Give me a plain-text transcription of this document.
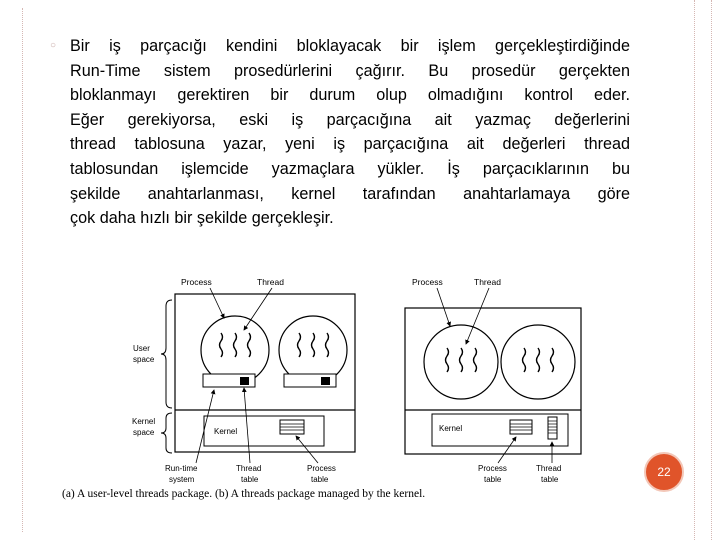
○ Bir iş parçacığı kendini bloklayacak bir işlem gerçekleştirdiğinde
Run-Time sistem prosedürlerini çağırır. Bu prosedür gerçekten
bloklanmayı gerektiren bir durum olup olmadığını kontrol eder.
Eğer gerekiyorsa, eski iş parçacığına ait yazmaç değerlerini
thread tablosuna yazar, yeni iş parçacığına ait değerleri thread
tablosundan işlemcide yazmaçlara yükler. İş parçacıklarının bu
şekilde anahtarlanması, kernel tarafından anahtarlamaya göre
çok daha hızlı bir şekilde gerçekleşir.
Kernel
Process	Thread
User
space
Kernel
space
Run-time
system
Thread
table
Process
table
Kernel
Process	Thread
Process
table
Thread
table
(a) A user-level threads package. (b) A threads package managed by the kernel.
22
